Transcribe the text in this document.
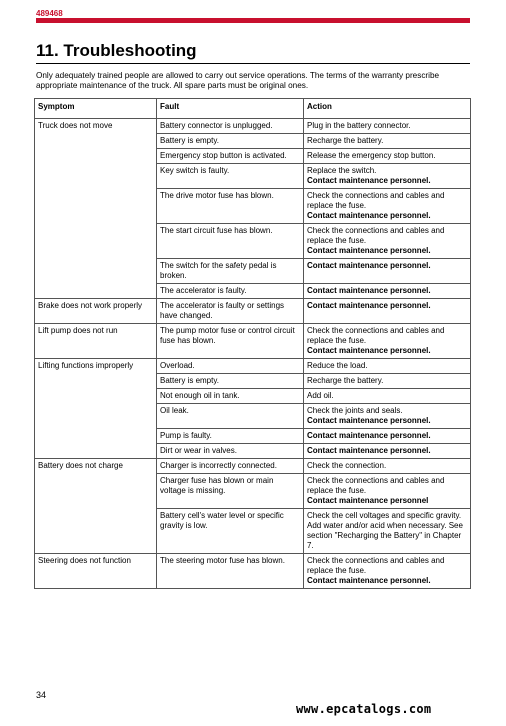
489468
11. Troubleshooting
Only adequately trained people are allowed to carry out service operations. The terms of the warranty prescribe appropriate maintenance of the truck. All spare parts must be original ones.
Symptom	Fault	Action
Truck does not move	Battery connector is unplugged.	Plug in the battery connector.
	Battery is empty.	Recharge the battery.
	Emergency stop button is activated.	Release the emergency stop button.
	Key switch is faulty.	Replace the switch.
Contact maintenance personnel.

	The drive motor fuse has blown.	Check the connections and cables and replace the fuse.
Contact maintenance personnel.

	The start circuit fuse has blown.	Check the connections and cables and replace the fuse.
Contact maintenance personnel.

	The switch for the safety pedal is broken.	Contact maintenance personnel.

	The accelerator is faulty.	Contact maintenance personnel.

Brake does not work properly	The accelerator is faulty or settings have changed.	Contact maintenance personnel.

Lift pump does not run	The pump motor fuse or control circuit fuse has blown.	Check the connections and cables and replace the fuse.
Contact maintenance personnel.

Lifting functions improperly	Overload.	Reduce the load.
	Battery is empty.	Recharge the battery.
	Not enough oil in tank.	Add oil.
	Oil leak.	Check the joints and seals.
Contact maintenance personnel.

	Pump is faulty.	Contact maintenance personnel.

	Dirt or wear in valves.	Contact maintenance personnel.

Battery does not charge	Charger is incorrectly connected.	Check the connection.
	Charger fuse has blown or main voltage is missing.	Check the connections and cables and replace the fuse.
Contact maintenance personnel

	Battery cell's water level or specific gravity is low.	Check the cell voltages and specific gravity. Add water and/or acid when necessary. See section "Recharging the Battery" in Chapter 7.
Steering does not function	The steering motor fuse has blown.	Check the connections and cables and replace the fuse.
Contact maintenance personnel.
34
www.epcatalogs.com
